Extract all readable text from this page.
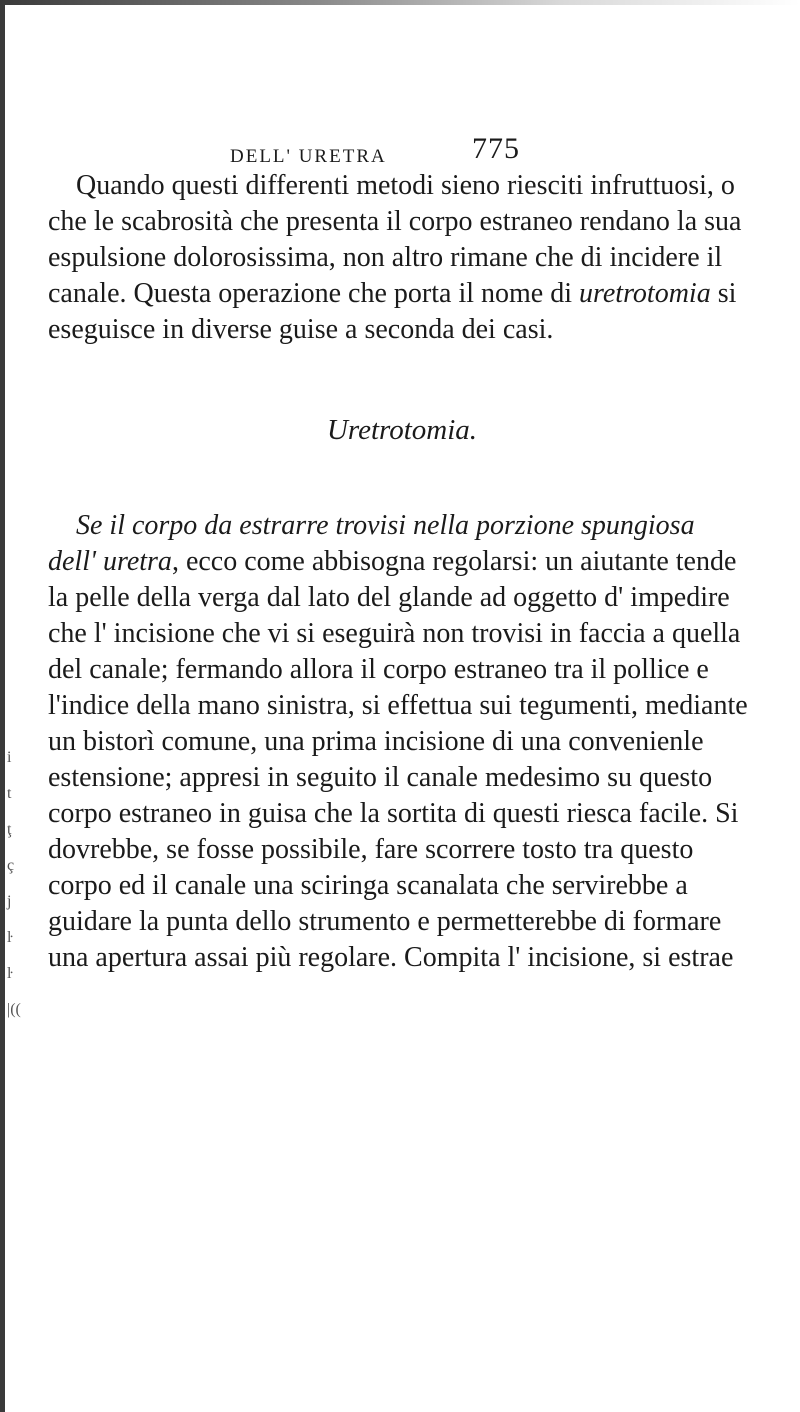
DELL' URETRA	775
i
t
ţ
ç
j
ŀ
ŀ
|((

Quando questi differenti metodi sieno riesciti infruttuosi, o che le scabrosità che presenta il corpo estraneo rendano la sua espulsione dolorosissima, non altro rimane che di incidere il canale. Questa operazione che porta il nome di uretrotomia si eseguisce in diverse guise a seconda dei casi.

Uretrotomia.

Se il corpo da estrarre trovisi nella porzione spungiosa dell' uretra, ecco come abbisogna regolarsi: un aiutante tende la pelle della verga dal lato del glande ad oggetto d' impedire che l' incisione che vi si eseguirà non trovisi in faccia a quella del canale; fermando allora il corpo estraneo tra il pollice e l'indice della mano sinistra, si effettua sui tegumenti, mediante un bistorì comune, una prima incisione di una convenienle estensione; appresi in seguito il canale medesimo su questo corpo estraneo in guisa che la sortita di questi riesca facile. Si dovrebbe, se fosse possibile, fare scorrere tosto tra questo corpo ed il canale una sciringa scanalata che servirebbe a guidare la punta dello strumento e permetterebbe di formare una apertura assai più regolare. Compita l' incisione, si estrae
